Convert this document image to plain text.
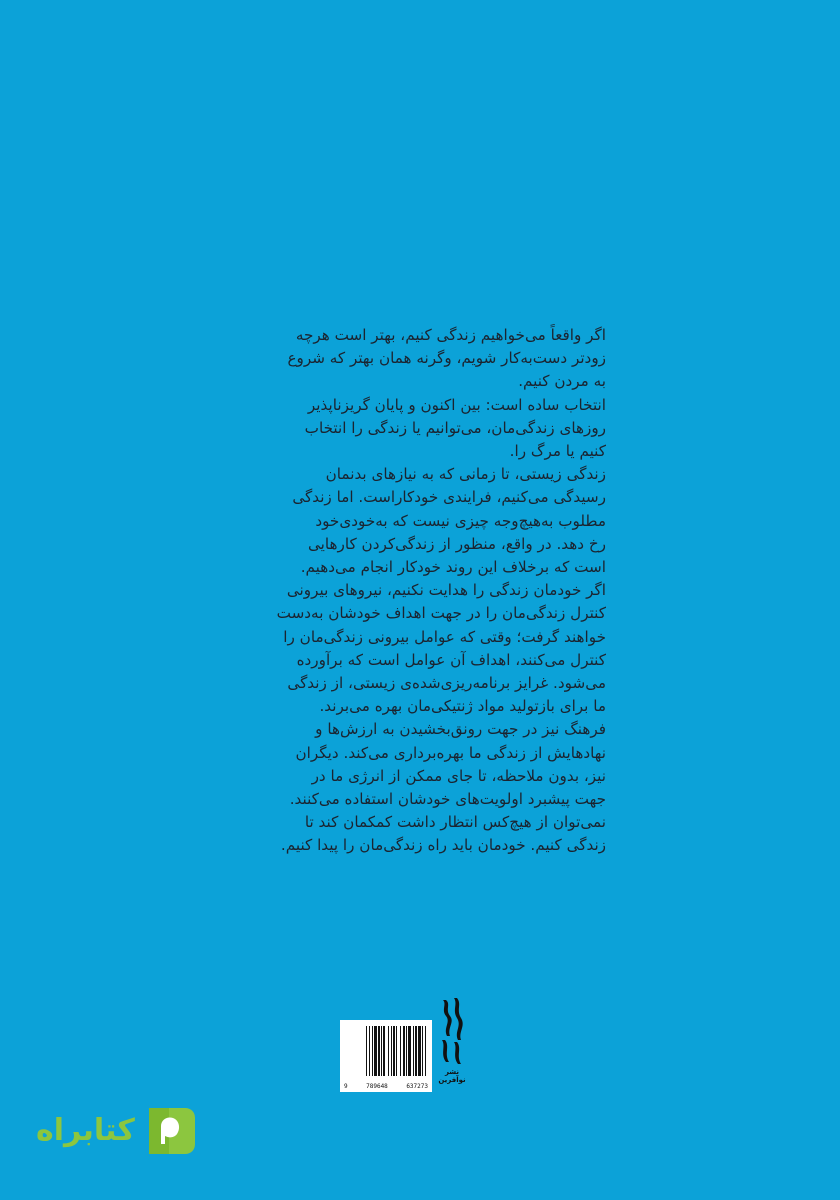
اگر واقعاً می‌خواهیم زندگی کنیم، بهتر است هرچه

زودتر دست‌به‌کار شویم، وگرنه همان بهتر که شروع

به مردن کنیم.

انتخاب ساده است: بین اکنون و پایان گریزناپذیر

روزهای زندگی‌مان، می‌توانیم یا زندگی را انتخاب

کنیم یا مرگ را.

زندگی زیستی، تا زمانی که به نیازهای بدنمان

رسیدگی می‌کنیم، فرایندی خودکاراست. اما زندگی

مطلوب به‌هیچ‌وجه چیزی نیست که به‌خودی‌خود

رخ دهد. در واقع، منظور از زندگی‌کردن کارهایی

است که برخلاف این روند خودکار انجام می‌دهیم.

اگر خودمان زندگی را هدایت نکنیم، نیروهای بیرونی

کنترل زندگی‌مان را در جهت اهداف خودشان به‌دست

خواهند گرفت؛ وقتی که عوامل بیرونی زندگی‌مان را

کنترل می‌کنند، اهداف آن عوامل است که برآورده

می‌شود. غرایز برنامه‌ریزی‌شده‌ی زیستی، از زندگی

ما برای بازتولید مواد ژنتیکی‌مان بهره می‌برند.

فرهنگ نیز در جهت رونق‌بخشیدن به ارزش‌ها و

نهادهایش از زندگی ما بهره‌برداری می‌کند. دیگران

نیز، بدون ملاحظه، تا جای ممکن از انرژی ما در

جهت پیشبرد اولویت‌های خودشان استفاده می‌کنند.

نمی‌توان از هیچ‌کس انتظار داشت کمکمان کند تا

زندگی کنیم. خودمان باید راه زندگی‌مان را پیدا کنیم.

9	789648	637273
نشر
نوآفرین
کتابراه
